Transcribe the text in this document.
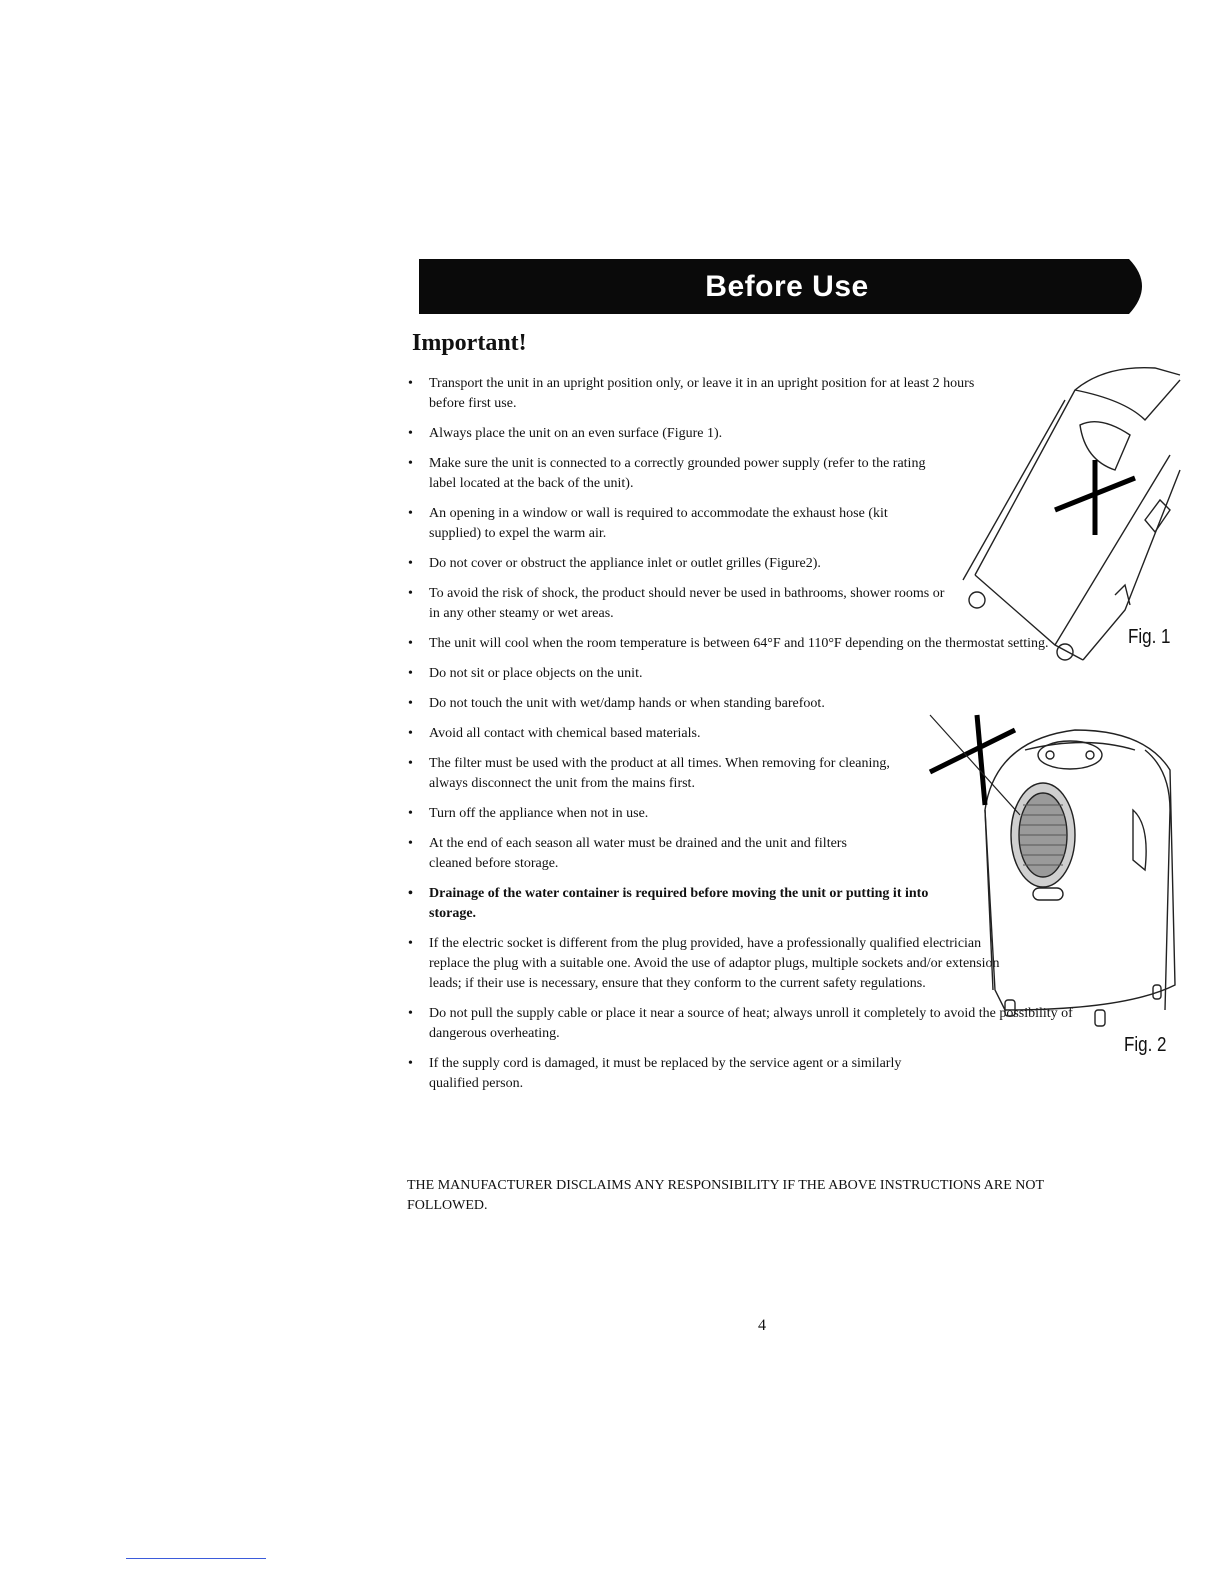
Before Use
Important!
• Transport the unit in an upright position only, or leave it in an upright position for at least 2 hours before first use.
• Always place the unit on an even surface (Figure 1).
• Make sure the unit is connected to a correctly grounded power supply (refer to the rating label located at the back of the unit).
• An opening in a window or wall is required to accommodate the exhaust hose (kit supplied) to expel the warm air.
• Do not cover or obstruct the appliance inlet or outlet grilles (Figure2).
• To avoid the risk of shock, the product should never be used in bathrooms, shower rooms or in any other steamy or wet areas.
• The unit will cool when the room temperature is between 64°F and 110°F depending on the thermostat setting.
• Do not sit or place objects on the unit.
• Do not touch the unit with wet/damp hands or when standing barefoot.
• Avoid all contact with chemical based materials.
• The filter must be used with the product at all times. When removing for cleaning, always disconnect the unit from the mains first.
• Turn off the appliance when not in use.
• At the end of each season all water must be drained and the unit and filters cleaned before storage.
• Drainage of the water container is required before moving the unit or putting it into storage.
• If the electric socket is different from the plug provided, have a professionally qualified electrician replace the plug with a suitable one. Avoid the use of adaptor plugs, multiple sockets and/or extension leads; if their use is necessary, ensure that they conform to the current safety regulations.
• Do not pull the supply cable or place it near a source of heat; always unroll it completely to avoid the possibility of dangerous overheating.
• If the supply cord is damaged, it must be replaced by the service agent or a similarly qualified person.

THE MANUFACTURER DISCLAIMS ANY RESPONSIBILITY IF THE ABOVE INSTRUCTIONS ARE NOT FOLLOWED.

Fig. 1
Fig. 2
4
